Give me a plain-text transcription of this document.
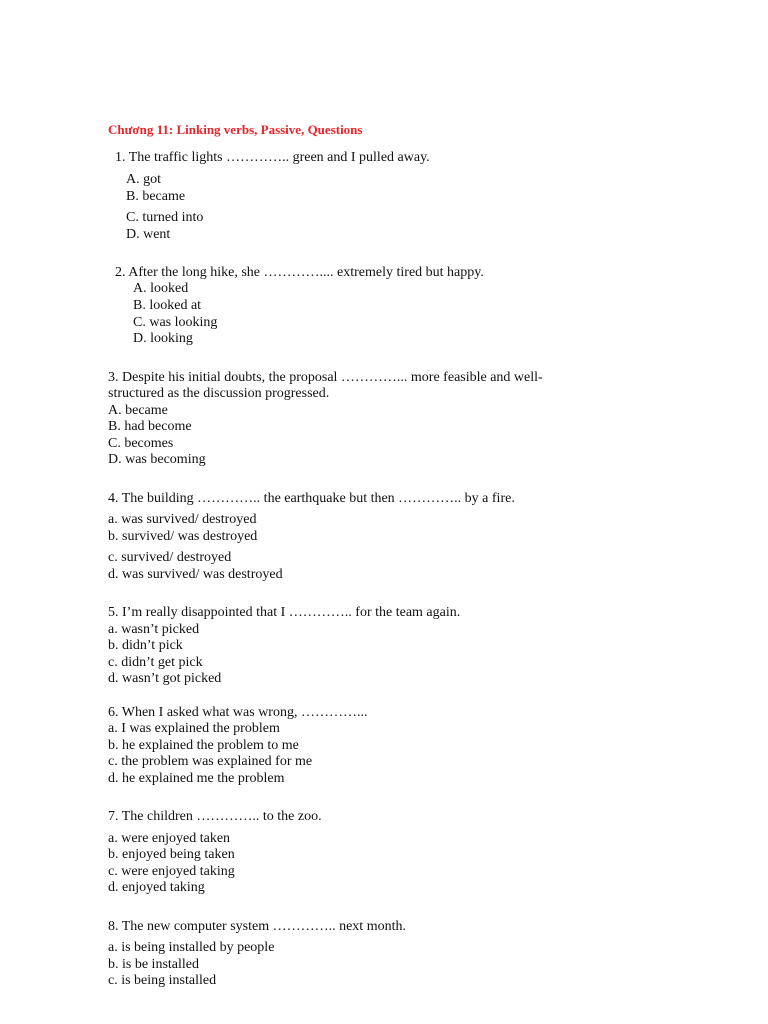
Chương 11: Linking verbs, Passive, Questions
1. The traffic lights ………….. green and I pulled away.
A. got
B. became
C. turned into
D. went
2. After the long hike, she ………….... extremely tired but happy.
A. looked
B. looked at
C. was looking
D. looking
3. Despite his initial doubts, the proposal …………... more feasible and well-
structured as the discussion progressed.
A. became
B. had become
C. becomes
D. was becoming
4. The building ………….. the earthquake but then ………….. by a fire.
a. was survived/ destroyed
b. survived/ was destroyed
c. survived/ destroyed
d. was survived/ was destroyed
5. I’m really disappointed that I ………….. for the team again.
a. wasn’t picked
b. didn’t pick
c. didn’t get pick
d. wasn’t got picked
6. When I asked what was wrong, …………...
a. I was explained the problem
b. he explained the problem to me
c. the problem was explained for me
d. he explained me the problem
7. The children ………….. to the zoo.
a. were enjoyed taken
b. enjoyed being taken
c. were enjoyed taking
d. enjoyed taking
8. The new computer system ………….. next month.
a. is being installed by people
b. is be installed
c. is being installed
